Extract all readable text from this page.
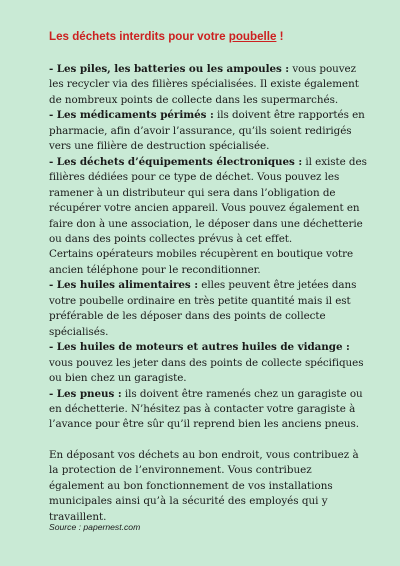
Les déchets interdits pour votre poubelle !
- Les piles, les batteries ou les ampoules : vous pouvez les recycler via des filières spécialisées. Il existe également de nombreux points de collecte dans les supermarchés.
- Les médicaments périmés : ils doivent être rapportés en pharmacie, afin d’avoir l’assurance, qu’ils soient redirigés vers une filière de destruction spécialisée.
- Les déchets d’équipements électroniques : il existe des filières dédiées pour ce type de déchet. Vous pouvez les ramener à un distributeur qui sera dans l’obligation de récupérer votre ancien appareil. Vous pouvez également en faire don à une association, le déposer dans une déchetterie ou dans des points collectes prévus à cet effet.
Certains opérateurs mobiles récupèrent en boutique votre ancien téléphone pour le reconditionner.
- Les huiles alimentaires : elles peuvent être jetées dans votre poubelle ordinaire en très petite quantité mais il est préférable de les déposer dans des points de collecte spécialisés.
- Les huiles de moteurs et autres huiles de vidange : vous pouvez les jeter dans des points de collecte spécifiques ou bien chez un garagiste.
- Les pneus : ils doivent être ramenés chez un garagiste ou en déchetterie. N’hésitez pas à contacter votre garagiste à l’avance pour être sûr qu’il reprend bien les anciens pneus.
En déposant vos déchets au bon endroit, vous contribuez à la protection de l’environnement. Vous contribuez également au bon fonctionnement de vos installations municipales ainsi qu’à la sécurité des employés qui y travaillent.
Source : papernest.com
